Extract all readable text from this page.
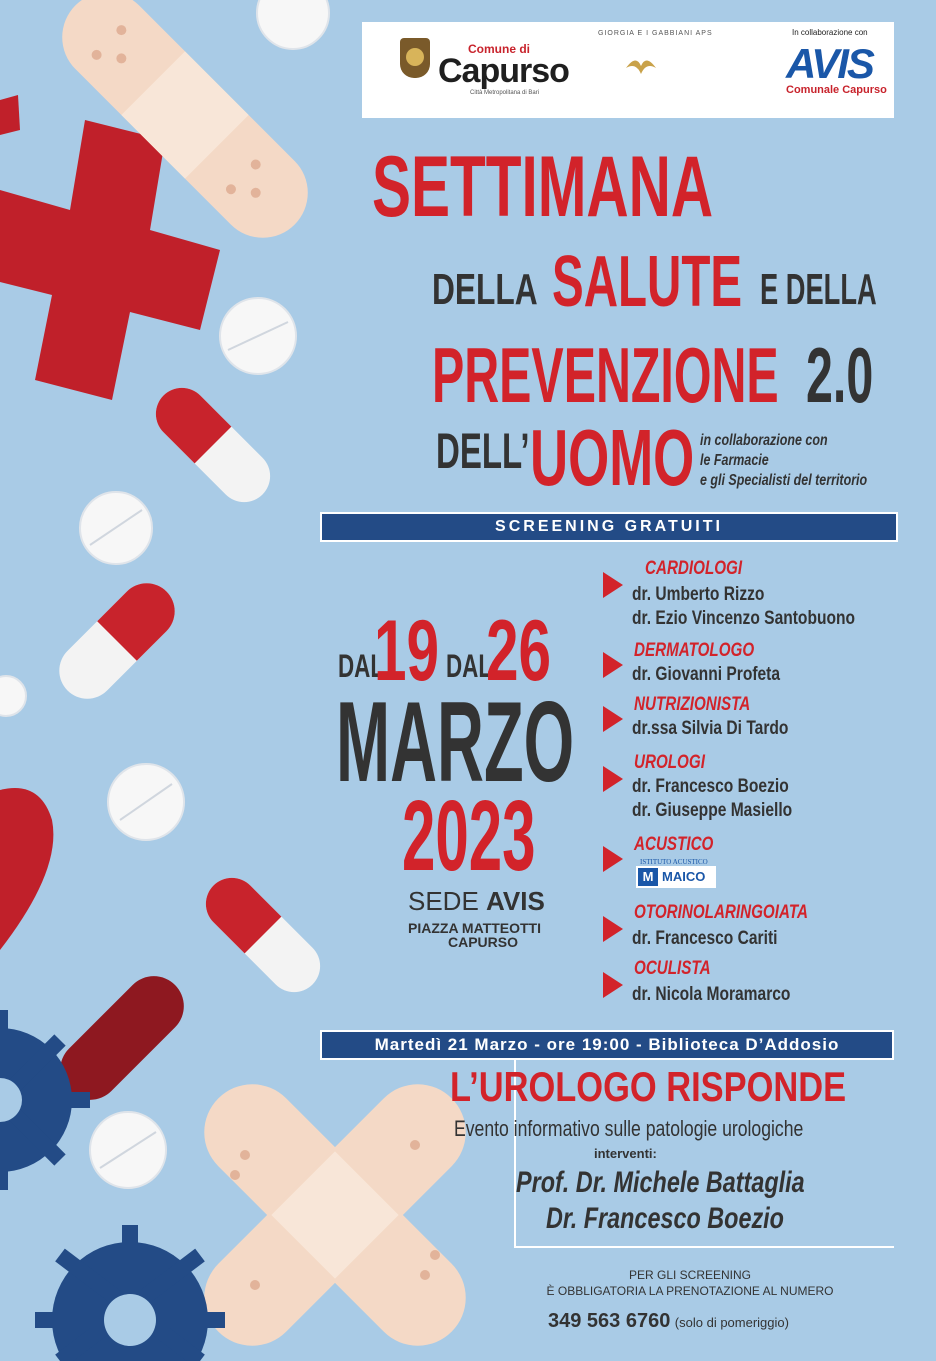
Comune di
Capurso
Città Metropolitana di Bari
GIORGIA E I GABBIANI APS	In collaborazione con
AVIS
Comunale Capurso
SETTIMANA
DELLA SALUTE E DELLA
PREVENZIONE 2.0
DELL’ UOMO in collaborazione con
le Farmacie
e gli Specialisti del territorio
SCREENING GRATUITI
DAL
19 DAL
26
MARZO
2023
SEDE AVIS
PIAZZA MATTEOTTI
CAPURSO
CARDIOLOGI
dr. Umberto Rizzo
dr. Ezio Vincenzo Santobuono
DERMATOLOGO
dr. Giovanni Profeta
NUTRIZIONISTA
dr.ssa Silvia Di Tardo
UROLOGI
dr. Francesco Boezio
dr. Giuseppe Masiello
ACUSTICO
ISTITUTO ACUSTICO
M MAICO
OTORINOLARINGOIATA
dr. Francesco Cariti
OCULISTA
dr. Nicola Moramarco
Martedì 21 Marzo - ore 19:00 - Biblioteca D’Addosio
L’UROLOGO RISPONDE
Evento informativo sulle patologie urologiche
interventi:
Prof. Dr. Michele Battaglia
Dr. Francesco Boezio
PER GLI SCREENING
È OBBLIGATORIA LA PRENOTAZIONE AL NUMERO
349 563 6760 (solo di pomeriggio)
